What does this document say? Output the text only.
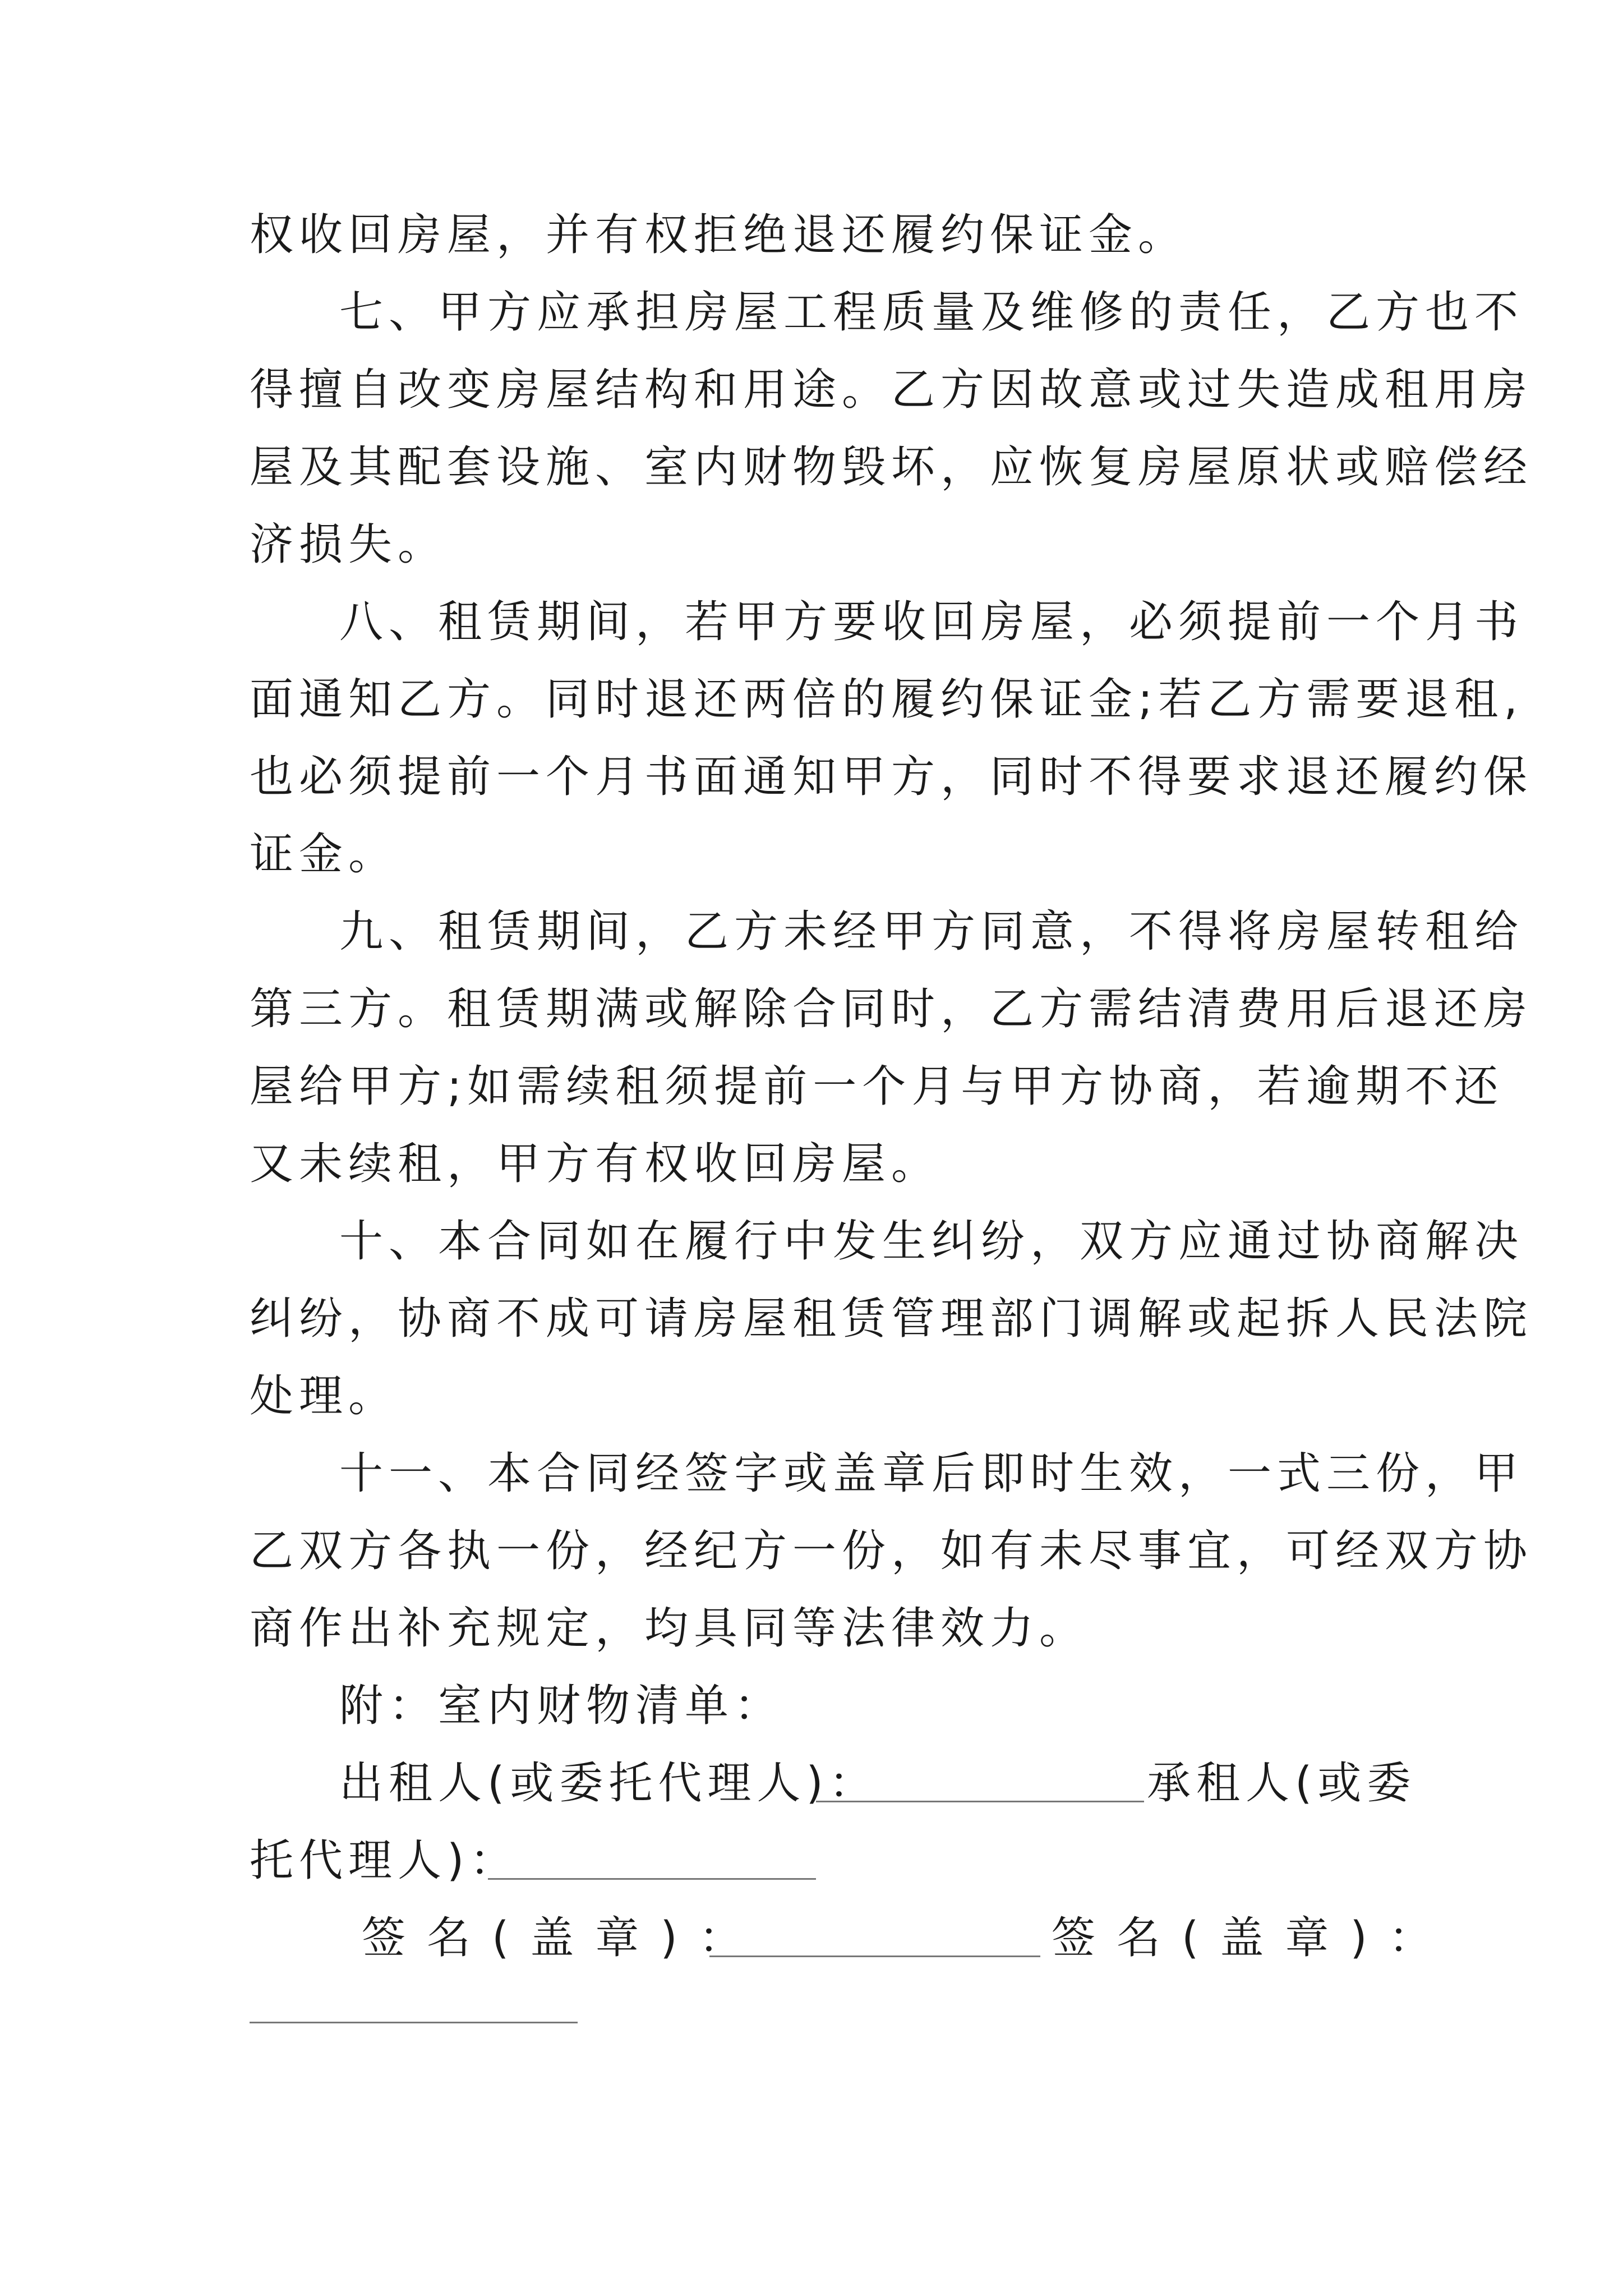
权收回房屋，并有权拒绝退还履约保证金。
七、甲方应承担房屋工程质量及维修的责任，乙方也不
得擅自改变房屋结构和用途。乙方因故意或过失造成租用房
屋及其配套设施、室内财物毁坏，应恢复房屋原状或赔偿经
济损失。
八、租赁期间，若甲方要收回房屋，必须提前一个月书
面通知乙方。同时退还两倍的履约保证金;若乙方需要退租,
也必须提前一个月书面通知甲方，同时不得要求退还履约保
证金。
九、租赁期间，乙方未经甲方同意，不得将房屋转租给
第三方。租赁期满或解除合同时，乙方需结清费用后退还房
屋给甲方;如需续租须提前一个月与甲方协商，若逾期不还
又未续租，甲方有权收回房屋。
十、本合同如在履行中发生纠纷，双方应通过协商解决
纠纷，协商不成可请房屋租赁管理部门调解或起拆人民法院
处理。
十一、本合同经签字或盖章后即时生效，一式三份，甲
乙双方各执一份，经纪方一份，如有未尽事宜，可经双方协
商作出补充规定，均具同等法律效力。
附：室内财物清单：
出租人(或委托代理人)：	承租人(或委
托代理人)：
签名(盖章)：	签名(盖章)：
